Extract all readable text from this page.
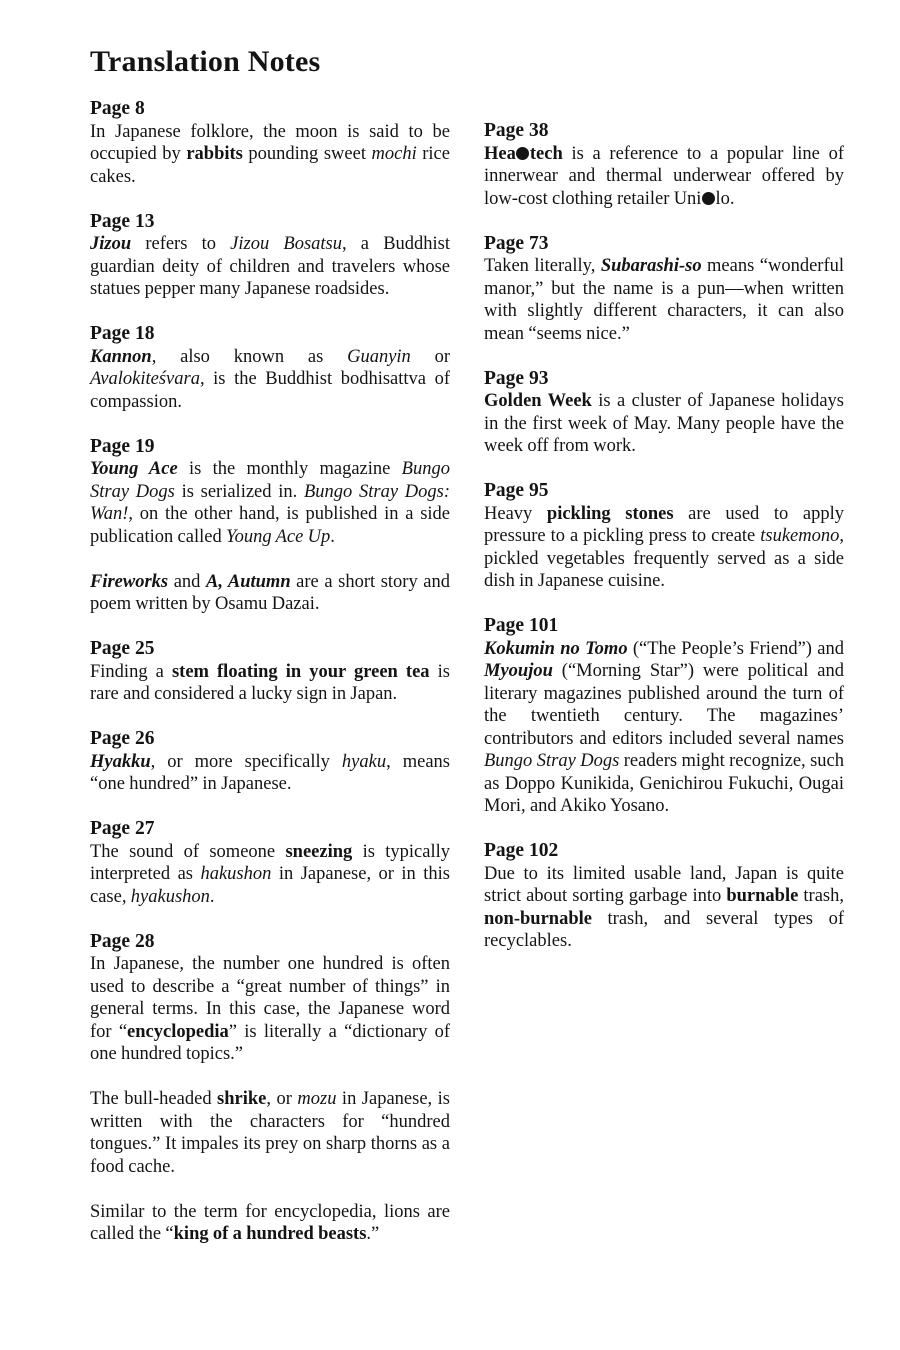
Translation Notes
Page 8

In Japanese folklore, the moon is said to be occupied by rabbits pounding sweet mochi rice cakes.

Page 13

Jizou refers to Jizou Bosatsu, a Buddhist guardian deity of children and travelers whose statues pepper many Japanese roadsides.

Page 18

Kannon, also known as Guanyin or Avalokiteśvara, is the Buddhist bodhisattva of compassion.

Page 19

Young Ace is the monthly magazine Bungo Stray Dogs is serialized in. Bungo Stray Dogs: Wan!, on the other hand, is published in a side publication called Young Ace Up.

Fireworks and A, Autumn are a short story and poem written by Osamu Dazai.

Page 25

Finding a stem floating in your green tea is rare and considered a lucky sign in Japan.

Page 26

Hyakku, or more specifically hyaku, means “one hundred” in Japanese.

Page 27

The sound of someone sneezing is typically interpreted as hakushon in Japanese, or in this case, hyakushon.

Page 28

In Japanese, the number one hundred is often used to describe a “great number of things” in general terms. In this case, the Japanese word for “encyclopedia” is literally a “dictionary of one hundred topics.”

The bull-headed shrike, or mozu in Japanese, is written with the characters for “hundred tongues.” It impales its prey on sharp thorns as a food cache.

Similar to the term for encyclopedia, lions are called the “king of a hundred beasts.”

Page 38

Hea tech is a reference to a popular line of innerwear and thermal underwear offered by low-cost clothing retailer Uni lo.

Page 73

Taken literally, Subarashi-so means “wonderful manor,” but the name is a pun—when written with slightly different characters, it can also mean “seems nice.”

Page 93

Golden Week is a cluster of Japanese holidays in the first week of May. Many people have the week off from work.

Page 95

Heavy pickling stones are used to apply pressure to a pickling press to create tsukemono, pickled vegetables frequently served as a side dish in Japanese cuisine.

Page 101

Kokumin no Tomo (“The People’s Friend”) and Myoujou (“Morning Star”) were political and literary magazines published around the turn of the twentieth century. The magazines’ contributors and editors included several names Bungo Stray Dogs readers might recognize, such as Doppo Kunikida, Genichirou Fukuchi, Ougai Mori, and Akiko Yosano.

Page 102

Due to its limited usable land, Japan is quite strict about sorting garbage into burnable trash, non-burnable trash, and several types of recyclables.
